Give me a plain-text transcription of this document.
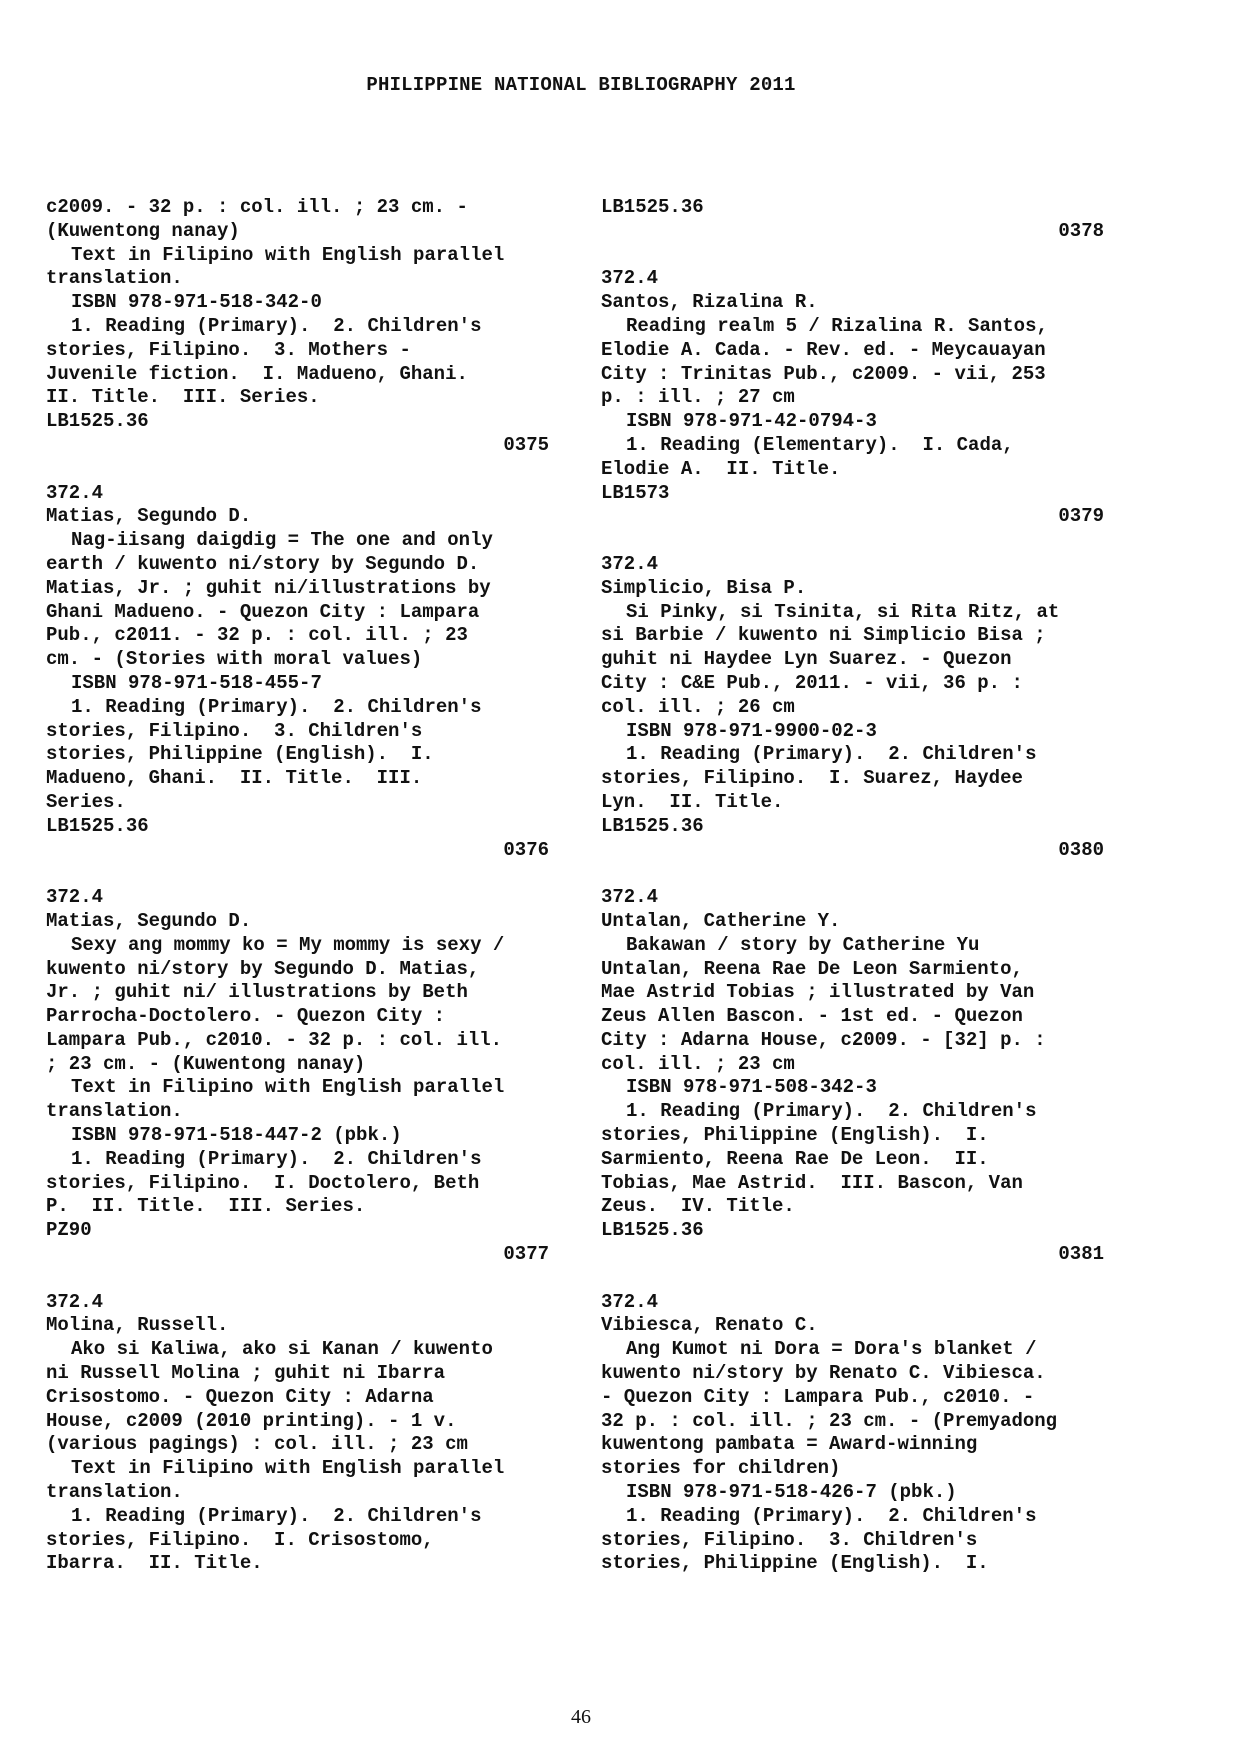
PHILIPPINE NATIONAL BIBLIOGRAPHY 2011
c2009. - 32 p. : col. ill. ; 23 cm. -
(Kuwentong nanay)
Text in Filipino with English parallel
translation.
ISBN 978-971-518-342-0
1. Reading (Primary).  2. Children's
stories, Filipino.  3. Mothers -
Juvenile fiction.  I. Madueno, Ghani.
II. Title.  III. Series.
LB1525.36
0375
372.4
Matias, Segundo D.
Nag-iisang daigdig = The one and only
earth / kuwento ni/story by Segundo D.
Matias, Jr. ; guhit ni/illustrations by
Ghani Madueno. - Quezon City : Lampara
Pub., c2011. - 32 p. : col. ill. ; 23
cm. - (Stories with moral values)
ISBN 978-971-518-455-7
1. Reading (Primary).  2. Children's
stories, Filipino.  3. Children's
stories, Philippine (English).  I.
Madueno, Ghani.  II. Title.  III.
Series.
LB1525.36
0376
372.4
Matias, Segundo D.
Sexy ang mommy ko = My mommy is sexy /
kuwento ni/story by Segundo D. Matias,
Jr. ; guhit ni/ illustrations by Beth
Parrocha-Doctolero. - Quezon City :
Lampara Pub., c2010. - 32 p. : col. ill.
; 23 cm. - (Kuwentong nanay)
Text in Filipino with English parallel
translation.
ISBN 978-971-518-447-2 (pbk.)
1. Reading (Primary).  2. Children's
stories, Filipino.  I. Doctolero, Beth
P.  II. Title.  III. Series.
PZ90
0377
372.4
Molina, Russell.
Ako si Kaliwa, ako si Kanan / kuwento
ni Russell Molina ; guhit ni Ibarra
Crisostomo. - Quezon City : Adarna
House, c2009 (2010 printing). - 1 v.
(various pagings) : col. ill. ; 23 cm
Text in Filipino with English parallel
translation.
1. Reading (Primary).  2. Children's
stories, Filipino.  I. Crisostomo,
Ibarra.  II. Title.
LB1525.36
0378
372.4
Santos, Rizalina R.
Reading realm 5 / Rizalina R. Santos,
Elodie A. Cada. - Rev. ed. - Meycauayan
City : Trinitas Pub., c2009. - vii, 253
p. : ill. ; 27 cm
ISBN 978-971-42-0794-3
1. Reading (Elementary).  I. Cada,
Elodie A.  II. Title.
LB1573
0379
372.4
Simplicio, Bisa P.
Si Pinky, si Tsinita, si Rita Ritz, at
si Barbie / kuwento ni Simplicio Bisa ;
guhit ni Haydee Lyn Suarez. - Quezon
City : C&E Pub., 2011. - vii, 36 p. :
col. ill. ; 26 cm
ISBN 978-971-9900-02-3
1. Reading (Primary).  2. Children's
stories, Filipino.  I. Suarez, Haydee
Lyn.  II. Title.
LB1525.36
0380
372.4
Untalan, Catherine Y.
Bakawan / story by Catherine Yu
Untalan, Reena Rae De Leon Sarmiento,
Mae Astrid Tobias ; illustrated by Van
Zeus Allen Bascon. - 1st ed. - Quezon
City : Adarna House, c2009. - [32] p. :
col. ill. ; 23 cm
ISBN 978-971-508-342-3
1. Reading (Primary).  2. Children's
stories, Philippine (English).  I.
Sarmiento, Reena Rae De Leon.  II.
Tobias, Mae Astrid.  III. Bascon, Van
Zeus.  IV. Title.
LB1525.36
0381
372.4
Vibiesca, Renato C.
Ang Kumot ni Dora = Dora's blanket /
kuwento ni/story by Renato C. Vibiesca.
- Quezon City : Lampara Pub., c2010. -
32 p. : col. ill. ; 23 cm. - (Premyadong
kuwentong pambata = Award-winning
stories for children)
ISBN 978-971-518-426-7 (pbk.)
1. Reading (Primary).  2. Children's
stories, Filipino.  3. Children's
stories, Philippine (English).  I.
46
